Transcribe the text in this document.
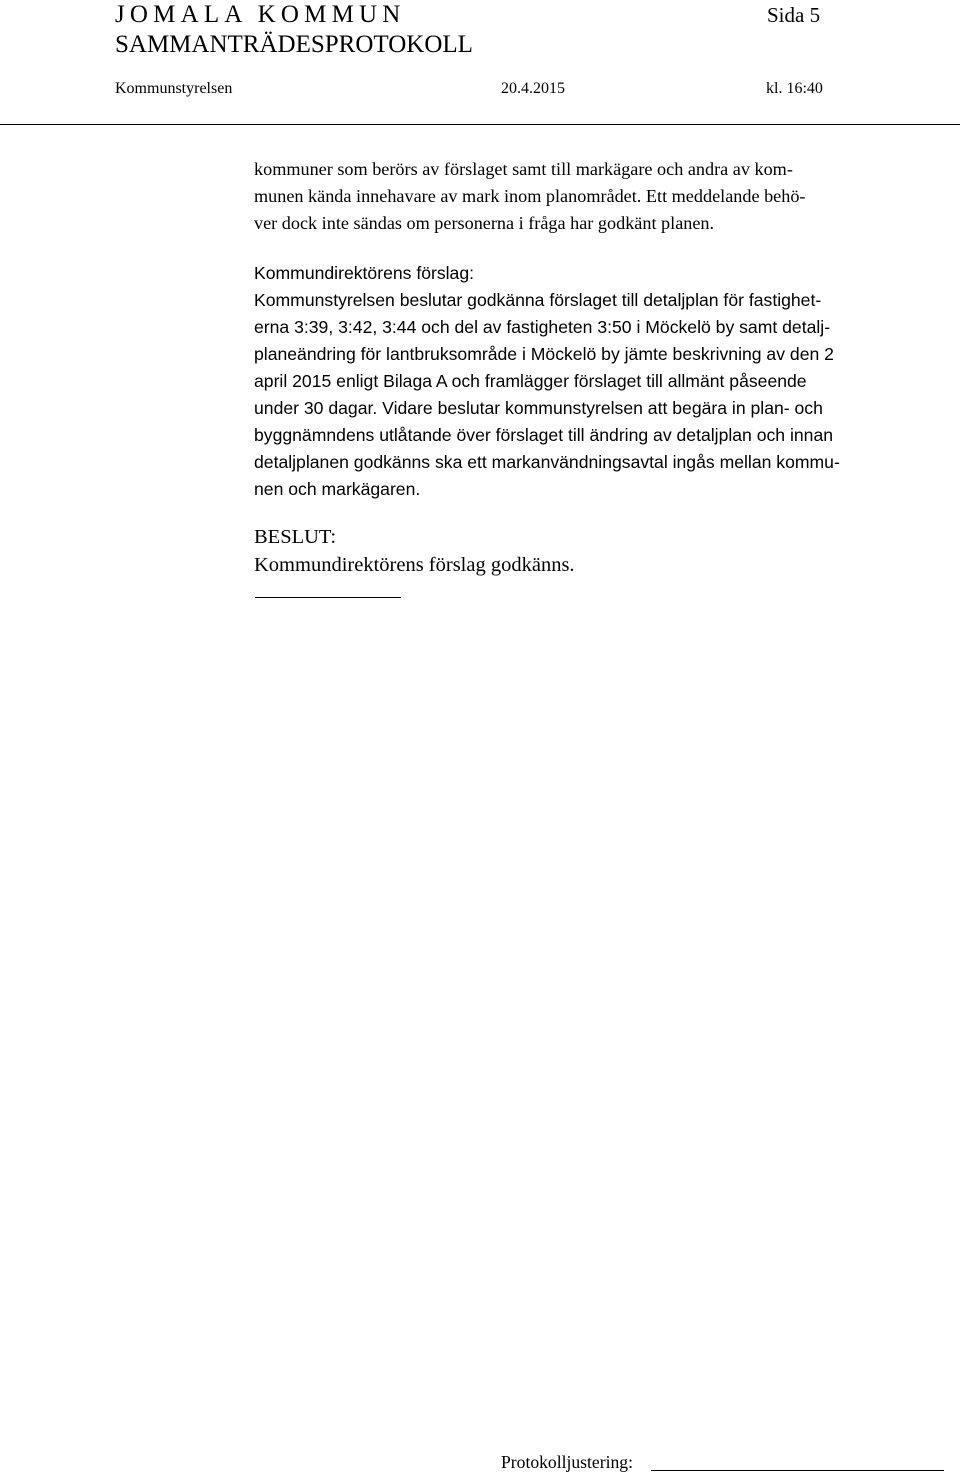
JOMALA KOMMUN	Sida 5
SAMMANTRÄDESPROTOKOLL
Kommunstyrelsen	20.4.2015	kl. 16:40
kommuner som berörs av förslaget samt till markägare och andra av kom-
munen kända innehavare av mark inom planområdet. Ett meddelande behö-
ver dock inte sändas om personerna i fråga har godkänt planen.
Kommundirektörens förslag:
Kommunstyrelsen beslutar godkänna förslaget till detaljplan för fastighet-
erna 3:39, 3:42, 3:44 och del av fastigheten 3:50 i Möckelö by samt detalj-
planeändring för lantbruksområde i Möckelö by jämte beskrivning av den 2
april 2015 enligt Bilaga A och framlägger förslaget till allmänt påseende
under 30 dagar. Vidare beslutar kommunstyrelsen att begära in plan- och
byggnämndens utlåtande över förslaget till ändring av detaljplan och innan
detaljplanen godkänns ska ett markanvändningsavtal ingås mellan kommu-
nen och markägaren.
BESLUT:
Kommundirektörens förslag godkänns.
Protokolljustering:
